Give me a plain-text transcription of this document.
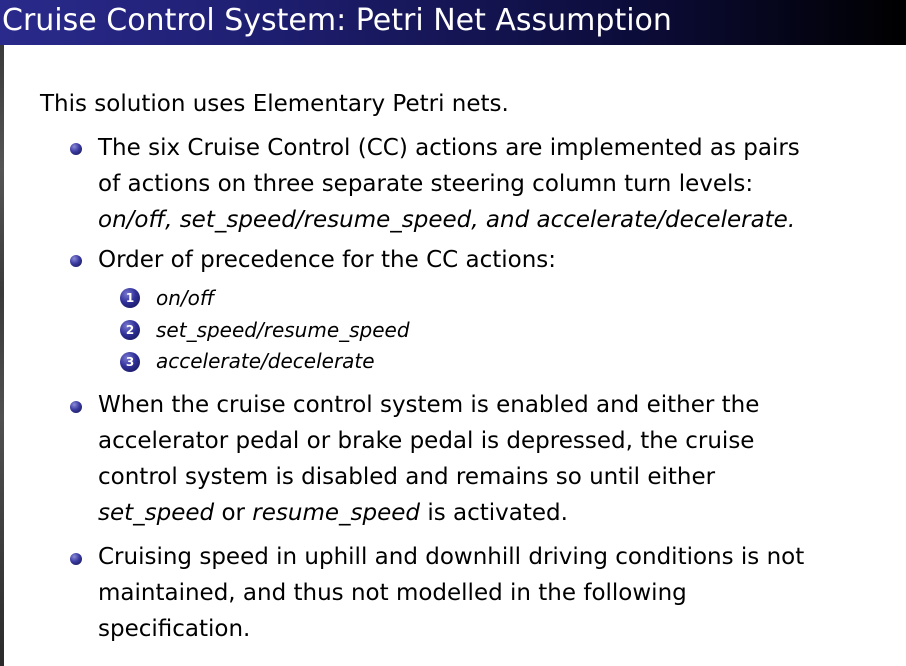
Cruise Control System: Petri Net Assumption
This solution uses Elementary Petri nets.
The six Cruise Control (CC) actions are implemented as pairs
of actions on three separate steering column turn levels:
on/off, set_speed/resume_speed, and accelerate/decelerate.
Order of precedence for the CC actions:
1 on/off
2 set_speed/resume_speed
3 accelerate/decelerate
When the cruise control system is enabled and either the
accelerator pedal or brake pedal is depressed, the cruise
control system is disabled and remains so until either
set_speed or resume_speed is activated.
Cruising speed in uphill and downhill driving conditions is not
maintained, and thus not modelled in the following
specification.
